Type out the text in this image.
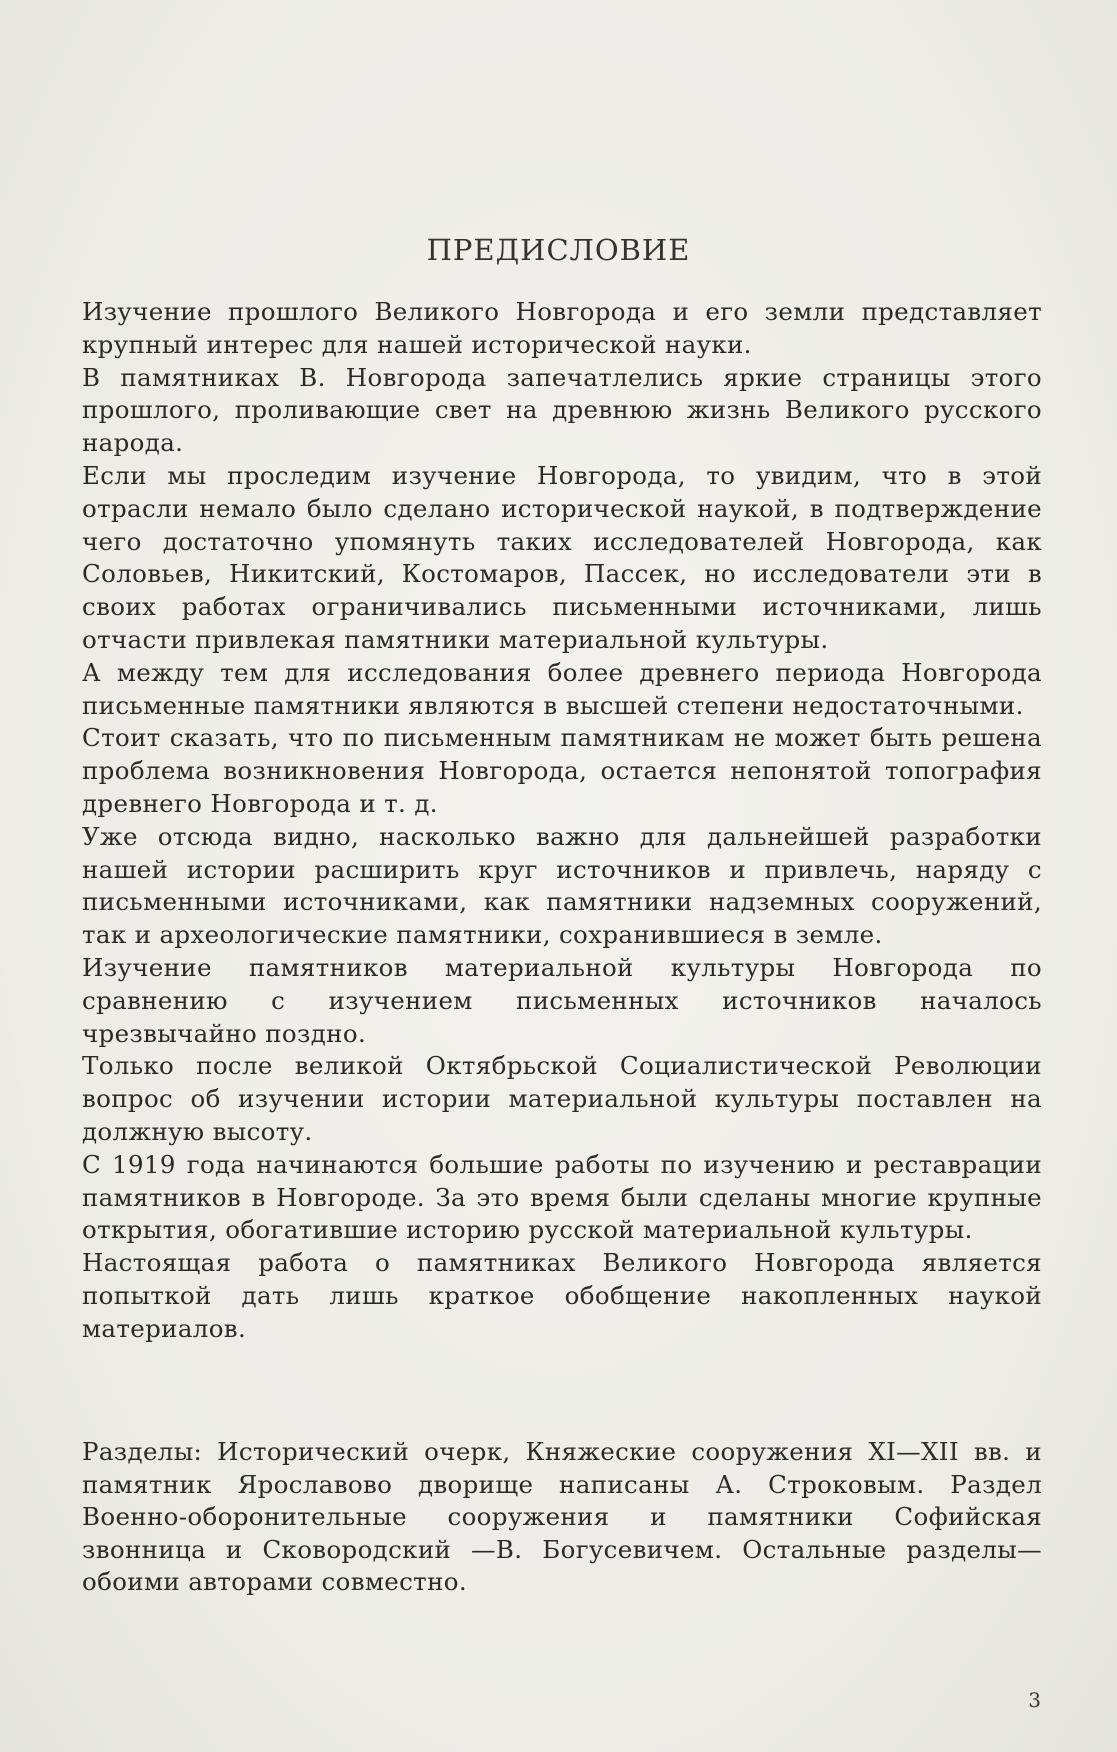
ПРЕДИСЛОВИЕ

Изучение прошлого Великого Новгорода и его земли представляет крупный интерес для нашей исторической науки.

В памятниках В. Новгорода запечатлелись яркие страницы этого прошлого, проливающие свет на древнюю жизнь Великого русского народа.

Если мы проследим изучение Новгорода, то увидим, что в этой отрасли немало было сделано исторической наукой, в подтверждение чего достаточно упомянуть таких исследователей Новгорода, как Соловьев, Никитский, Костомаров, Пассек, но исследователи эти в своих работах ограничивались письменными источниками, лишь отчасти привлекая памятники материальной культуры.

А между тем для исследования более древнего периода Новгорода письменные памятники являются в высшей степени недостаточными.

Стоит сказать, что по письменным памятникам не может быть решена проблема возникновения Новгорода, остается непонятой топография древнего Новгорода и т. д.

Уже отсюда видно, насколько важно для дальнейшей разработки нашей истории расширить круг источников и привлечь, наряду с письменными источниками, как памятники надземных сооружений, так и археологические памятники, сохранившиеся в земле.

Изучение памятников материальной культуры Новгорода по сравнению с изучением письменных источников началось чрезвычайно поздно.

Только после великой Октябрьской Социалистической Революции вопрос об изучении истории материальной культуры поставлен на должную высоту.

С 1919 года начинаются большие работы по изучению и реставрации памятников в Новгороде. За это время были сделаны многие крупные открытия, обогатившие историю русской материальной культуры.

Настоящая работа о памятниках Великого Новгорода является попыткой дать лишь краткое обобщение накопленных наукой материалов.

Разделы: Исторический очерк, Княжеские сооружения XI—XII вв. и памятник Ярославово дворище написаны А. Строковым. Раздел Военно-оборонительные сооружения и памятники Софийская звонница и Сковородский —В. Богусевичем. Остальные разделы— обоими авторами совместно.

3
